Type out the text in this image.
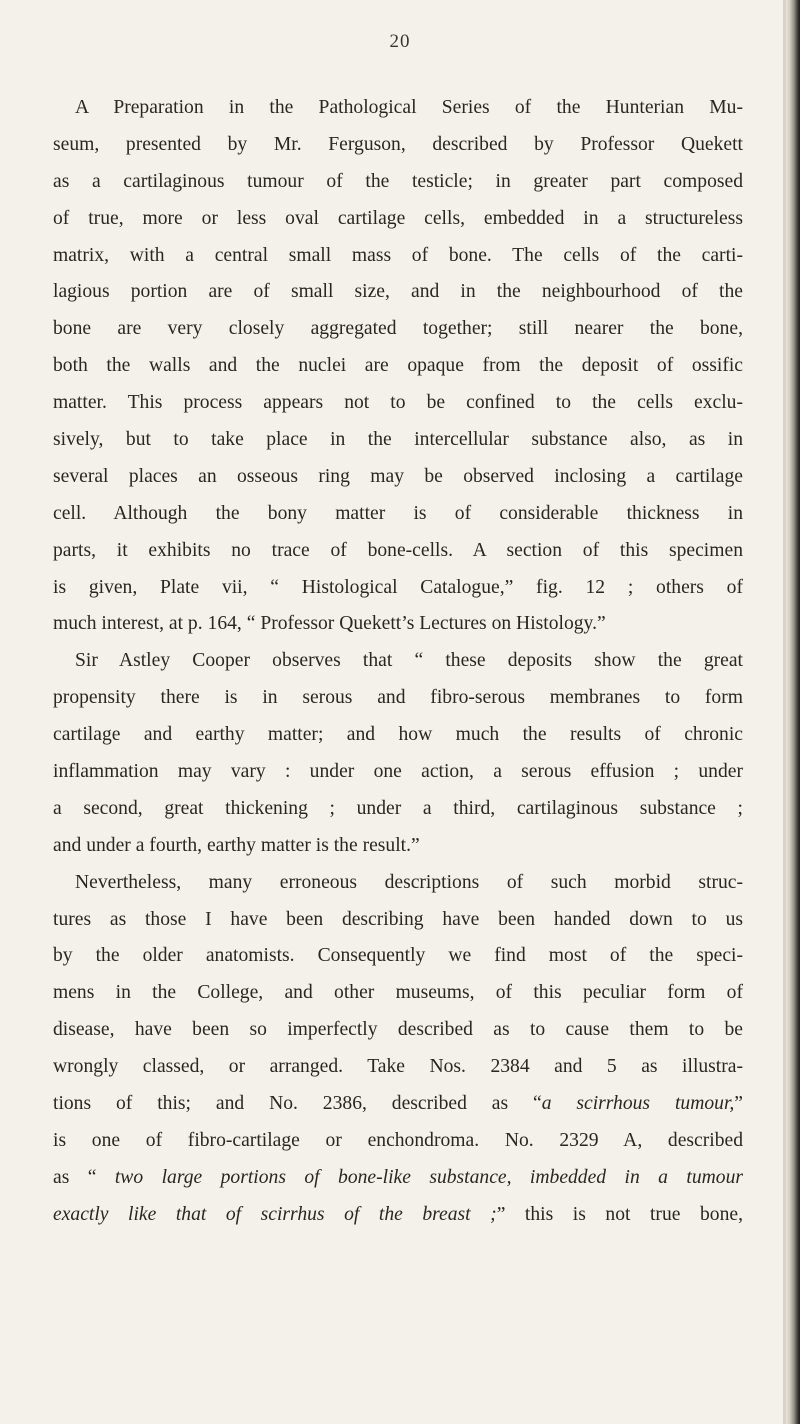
20
A Preparation in the Pathological Series of the Hunterian Mu-
seum, presented by Mr. Ferguson, described by Professor Quekett
as a cartilaginous tumour of the testicle; in greater part composed
of true, more or less oval cartilage cells, embedded in a structureless
matrix, with a central small mass of bone. The cells of the carti-
lagious portion are of small size, and in the neighbourhood of the
bone are very closely aggregated together; still nearer the bone,
both the walls and the nuclei are opaque from the deposit of ossific
matter. This process appears not to be confined to the cells exclu-
sively, but to take place in the intercellular substance also, as in
several places an osseous ring may be observed inclosing a cartilage
cell. Although the bony matter is of considerable thickness in
parts, it exhibits no trace of bone-cells. A section of this specimen
is given, Plate vii, “ Histological Catalogue,” fig. 12 ; others of
much interest, at p. 164, “ Professor Quekett’s Lectures on Histology.”
Sir Astley Cooper observes that “ these deposits show the great
propensity there is in serous and fibro-serous membranes to form
cartilage and earthy matter; and how much the results of chronic
inflammation may vary : under one action, a serous effusion ; under
a second, great thickening ; under a third, cartilaginous substance ;
and under a fourth, earthy matter is the result.”
Nevertheless, many erroneous descriptions of such morbid struc-
tures as those I have been describing have been handed down to us
by the older anatomists. Consequently we find most of the speci-
mens in the College, and other museums, of this peculiar form of
disease, have been so imperfectly described as to cause them to be
wrongly classed, or arranged. Take Nos. 2384 and 5 as illustra-
tions of this; and No. 2386, described as “a scirrhous tumour,”
is one of fibro-cartilage or enchondroma. No. 2329 A, described
as “ two large portions of bone-like substance, imbedded in a tumour
exactly like that of scirrhus of the breast ;” this is not true bone,
